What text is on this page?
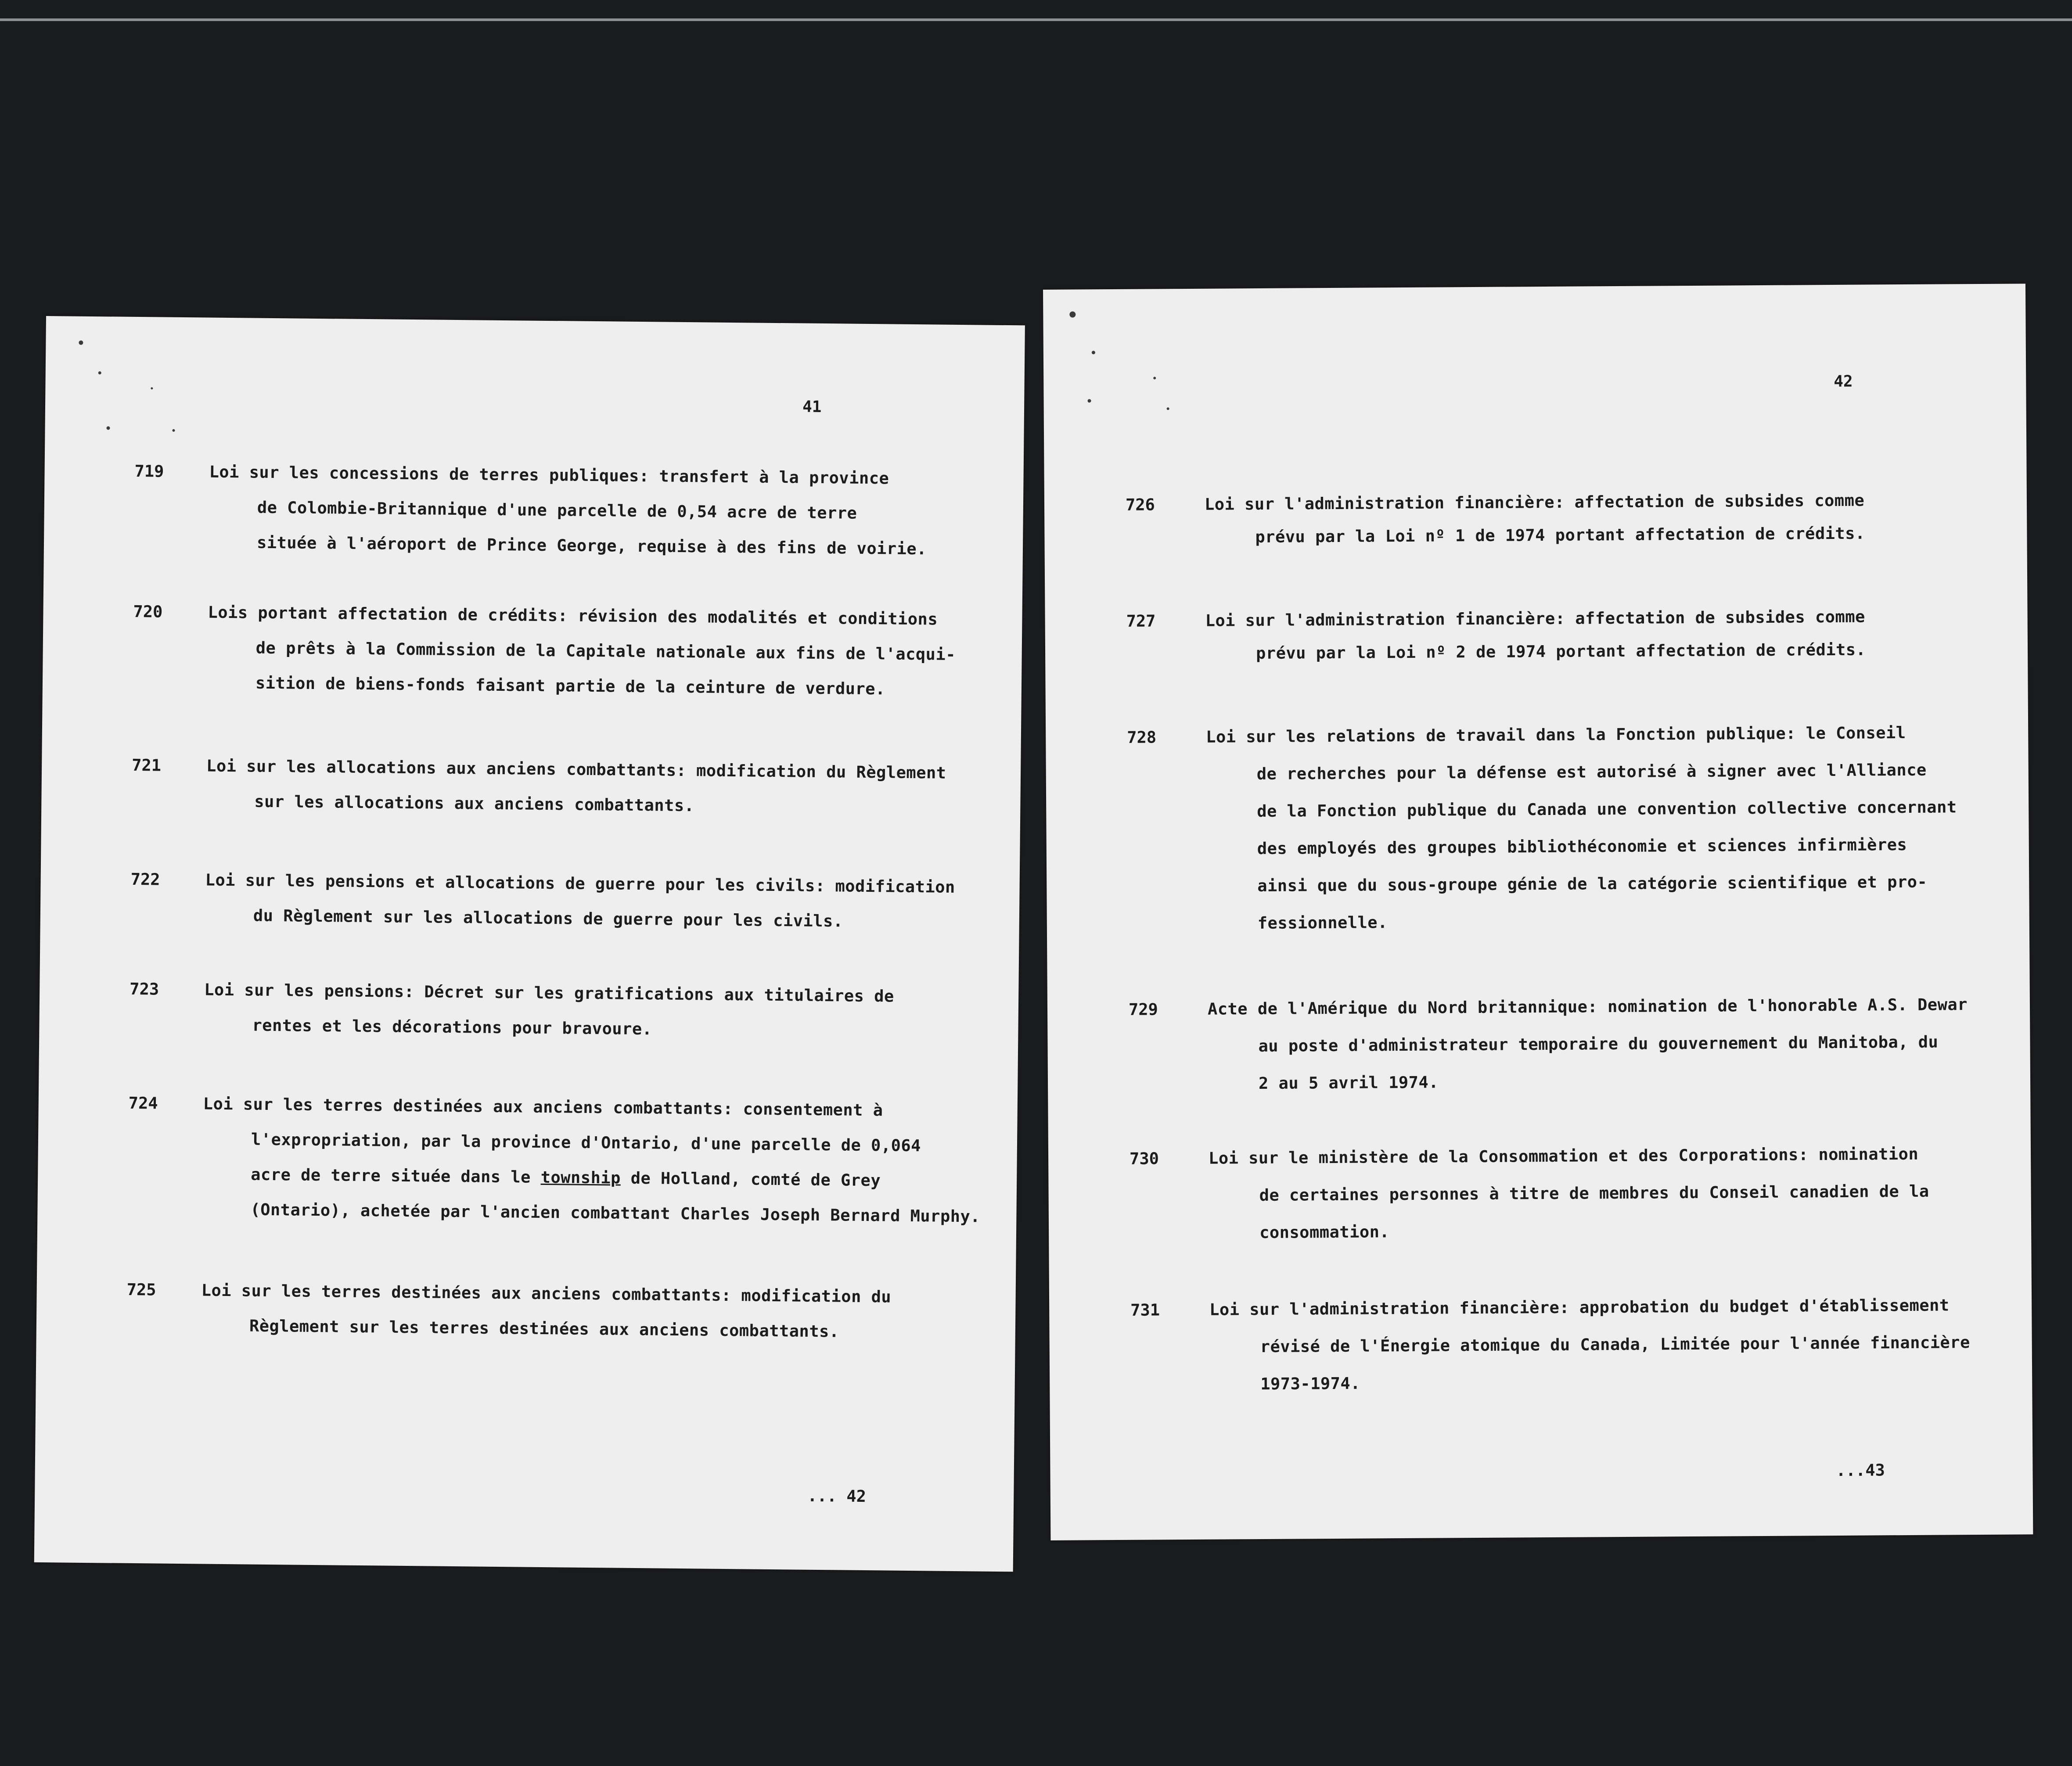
41
719	Loi sur les concessions de terres publiques: transfert à la province
de Colombie-Britannique d'une parcelle de 0,54 acre de terre
située à l'aéroport de Prince George, requise à des fins de voirie.
720	Lois portant affectation de crédits: révision des modalités et conditions
de prêts à la Commission de la Capitale nationale aux fins de l'acqui-
sition de biens-fonds faisant partie de la ceinture de verdure.
721	Loi sur les allocations aux anciens combattants: modification du Règlement
sur les allocations aux anciens combattants.
722	Loi sur les pensions et allocations de guerre pour les civils: modification
du Règlement sur les allocations de guerre pour les civils.
723	Loi sur les pensions: Décret sur les gratifications aux titulaires de
rentes et les décorations pour bravoure.
724	Loi sur les terres destinées aux anciens combattants: consentement à
l'expropriation, par la province d'Ontario, d'une parcelle de 0,064
acre de terre située dans le township de Holland, comté de Grey
(Ontario), achetée par l'ancien combattant Charles Joseph Bernard Murphy.
725	Loi sur les terres destinées aux anciens combattants: modification du
Règlement sur les terres destinées aux anciens combattants.
... 42
42
726	Loi sur l'administration financière: affectation de subsides comme
prévu par la Loi nº 1 de 1974 portant affectation de crédits.
727	Loi sur l'administration financière: affectation de subsides comme
prévu par la Loi nº 2 de 1974 portant affectation de crédits.
728	Loi sur les relations de travail dans la Fonction publique: le Conseil
de recherches pour la défense est autorisé à signer avec l'Alliance
de la Fonction publique du Canada une convention collective concernant
des employés des groupes bibliothéconomie et sciences infirmières
ainsi que du sous-groupe génie de la catégorie scientifique et pro-
fessionnelle.
729	Acte de l'Amérique du Nord britannique: nomination de l'honorable A.S. Dewar
au poste d'administrateur temporaire du gouvernement du Manitoba, du
2 au 5 avril 1974.
730	Loi sur le ministère de la Consommation et des Corporations: nomination
de certaines personnes à titre de membres du Conseil canadien de la
consommation.
731	Loi sur l'administration financière: approbation du budget d'établissement
révisé de l'Énergie atomique du Canada, Limitée pour l'année financière
1973-1974.
...43
